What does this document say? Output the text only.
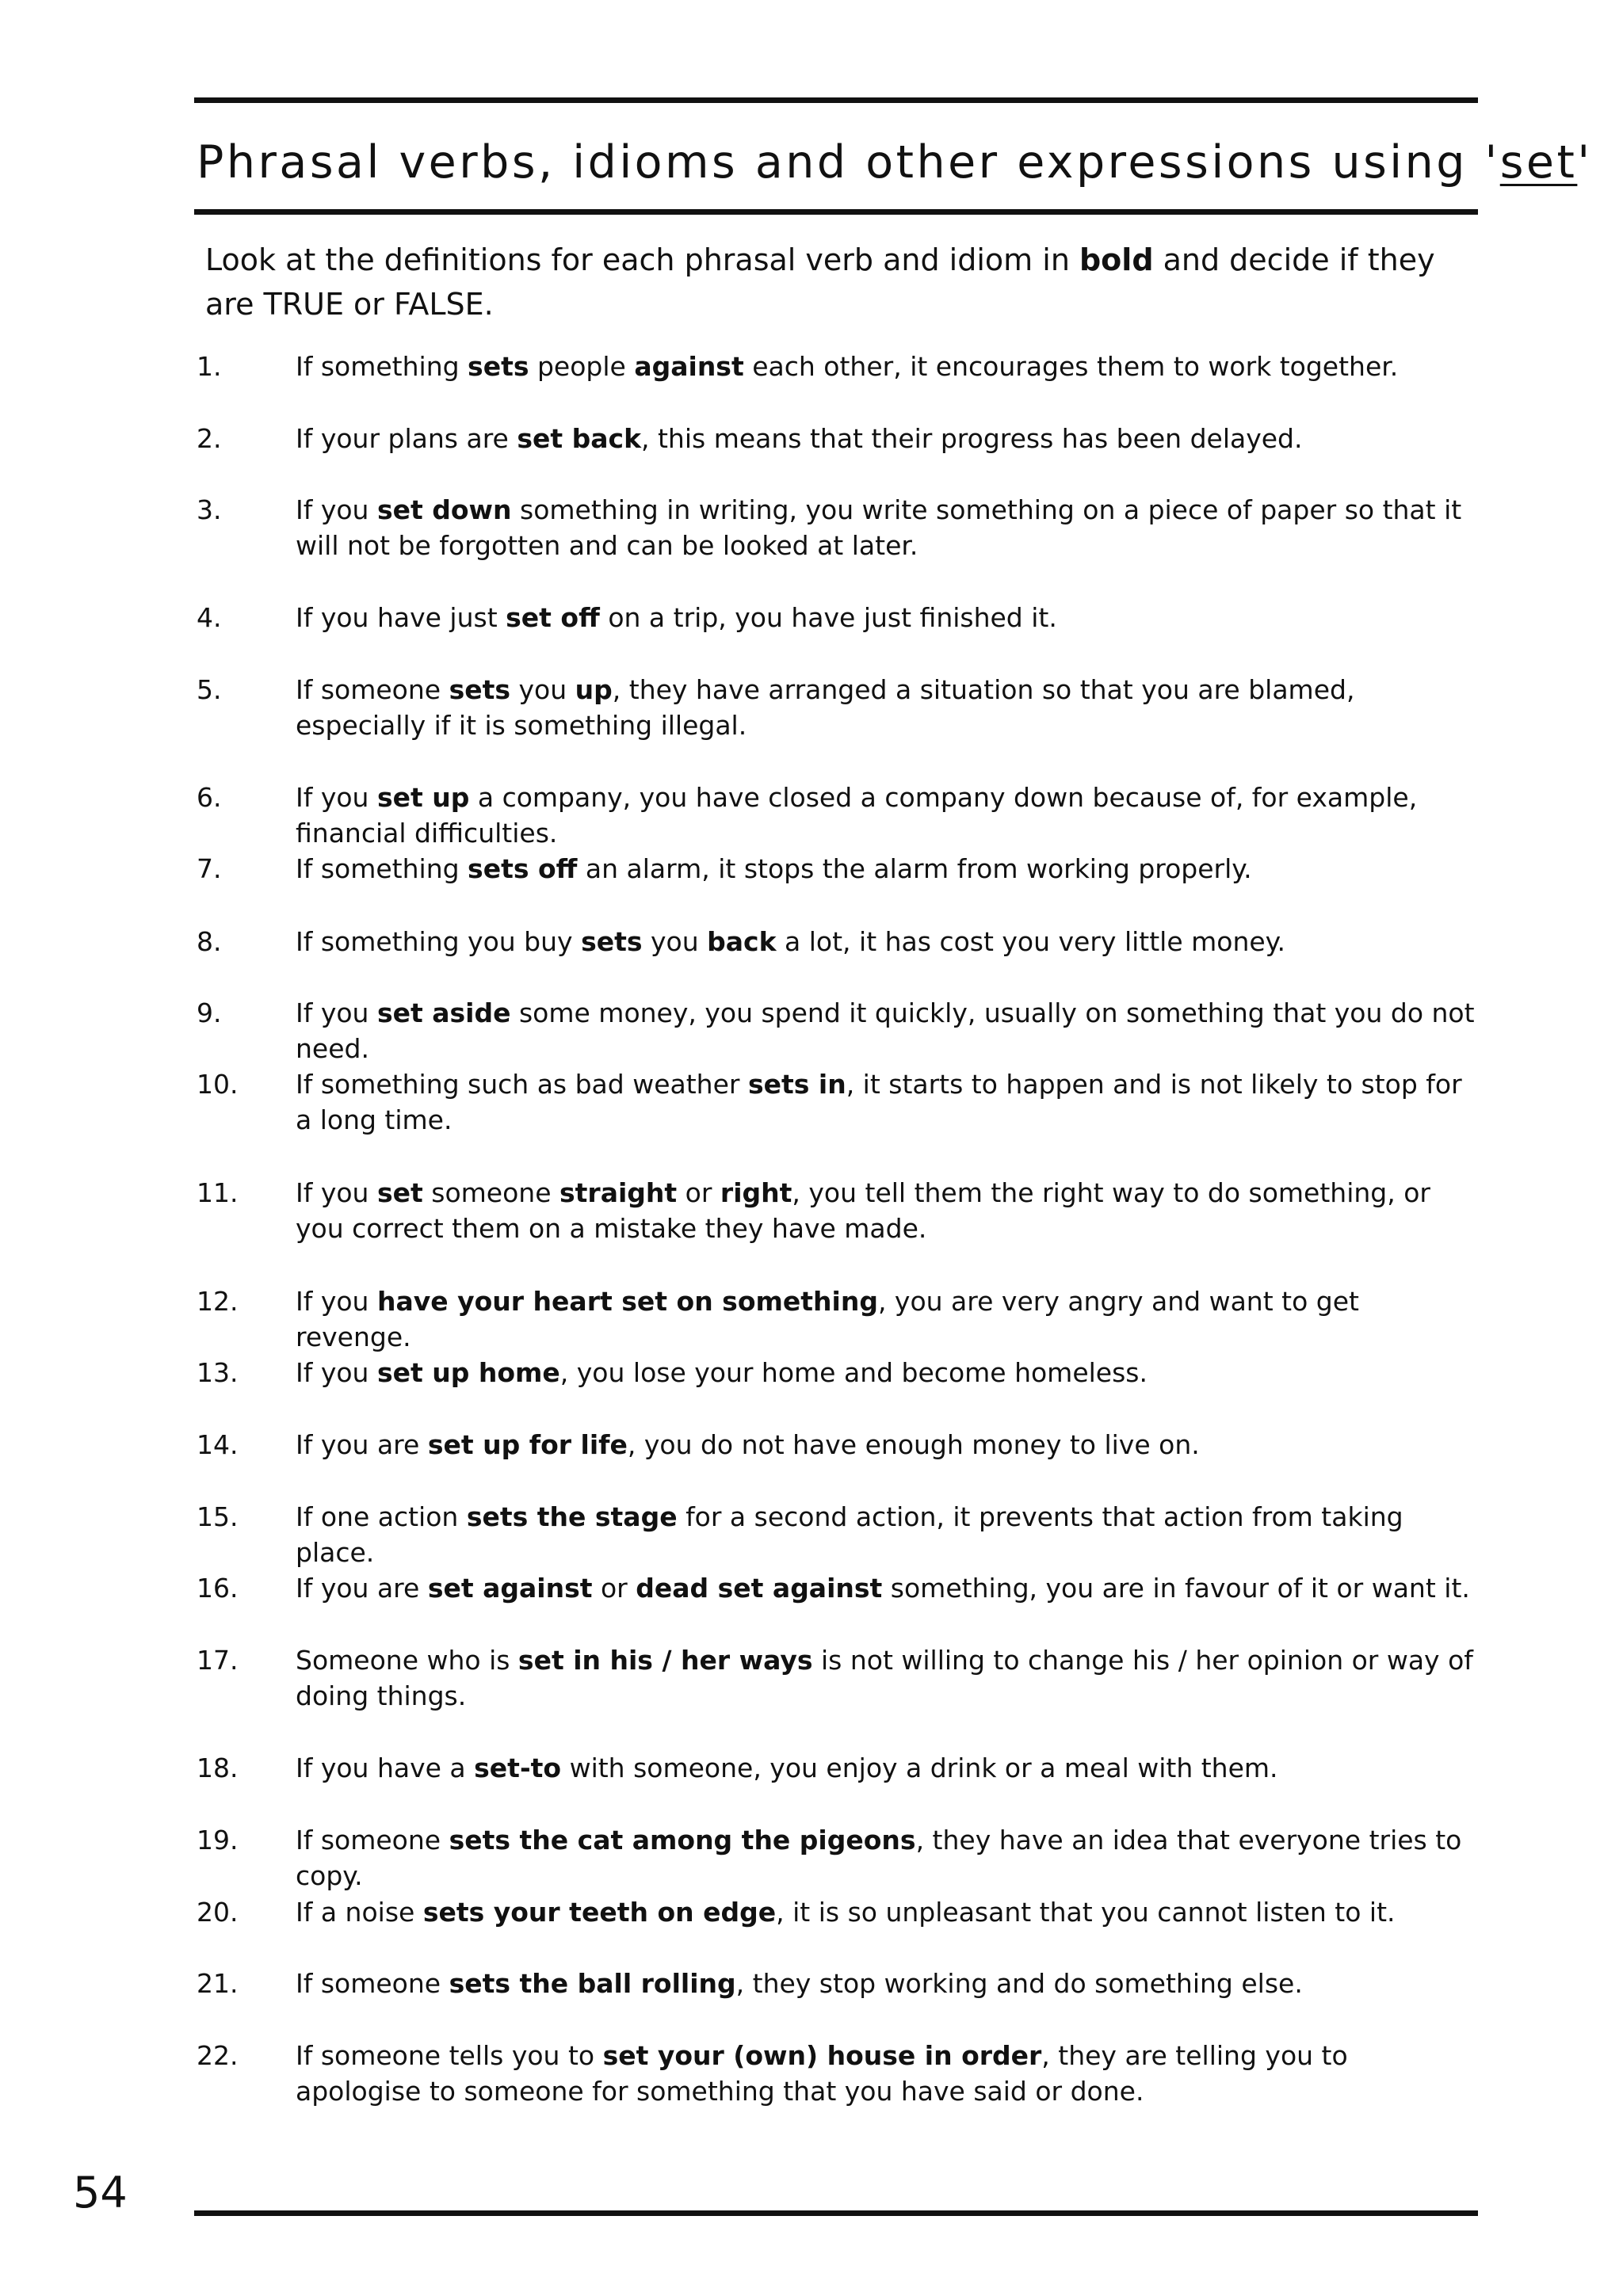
Phrasal verbs, idioms and other expressions using 'set'

Look at the definitions for each phrasal verb and idiom in bold and decide if they are TRUE or FALSE.

1.	If something sets people against each other, it encourages them to work together.
2.	If your plans are set back, this means that their progress has been delayed.
3.	If you set down something in writing, you write something on a piece of paper so that it will not be forgotten and can be looked at later.
4.	If you have just set off on a trip, you have just finished it.
5.	If someone sets you up, they have arranged a situation so that you are blamed, especially if it is something illegal.
6.	If you set up a company, you have closed a company down because of, for example, financial difficulties.
7.	If something sets off an alarm, it stops the alarm from working properly.
8.	If something you buy sets you back a lot, it has cost you very little money.
9.	If you set aside some money, you spend it quickly, usually on something that you do not need.
10. If something such as bad weather sets in, it starts to happen and is not likely to stop for a long time.
11. If you set someone straight or right, you tell them the right way to do something, or you correct them on a mistake they have made.
12. If you have your heart set on something, you are very angry and want to get revenge.
13. If you set up home, you lose your home and become homeless.
14. If you are set up for life, you do not have enough money to live on.
15. If one action sets the stage for a second action, it prevents that action from taking place.
16. If you are set against or dead set against something, you are in favour of it or want it.
17. Someone who is set in his / her ways is not willing to change his / her opinion or way of doing things.
18. If you have a set-to with someone, you enjoy a drink or a meal with them.
19. If someone sets the cat among the pigeons, they have an idea that everyone tries to copy.
20. If a noise sets your teeth on edge, it is so unpleasant that you cannot listen to it.
21. If someone sets the ball rolling, they stop working and do something else.
22. If someone tells you to set your (own) house in order, they are telling you to apologise to someone for something that you have said or done.
54
